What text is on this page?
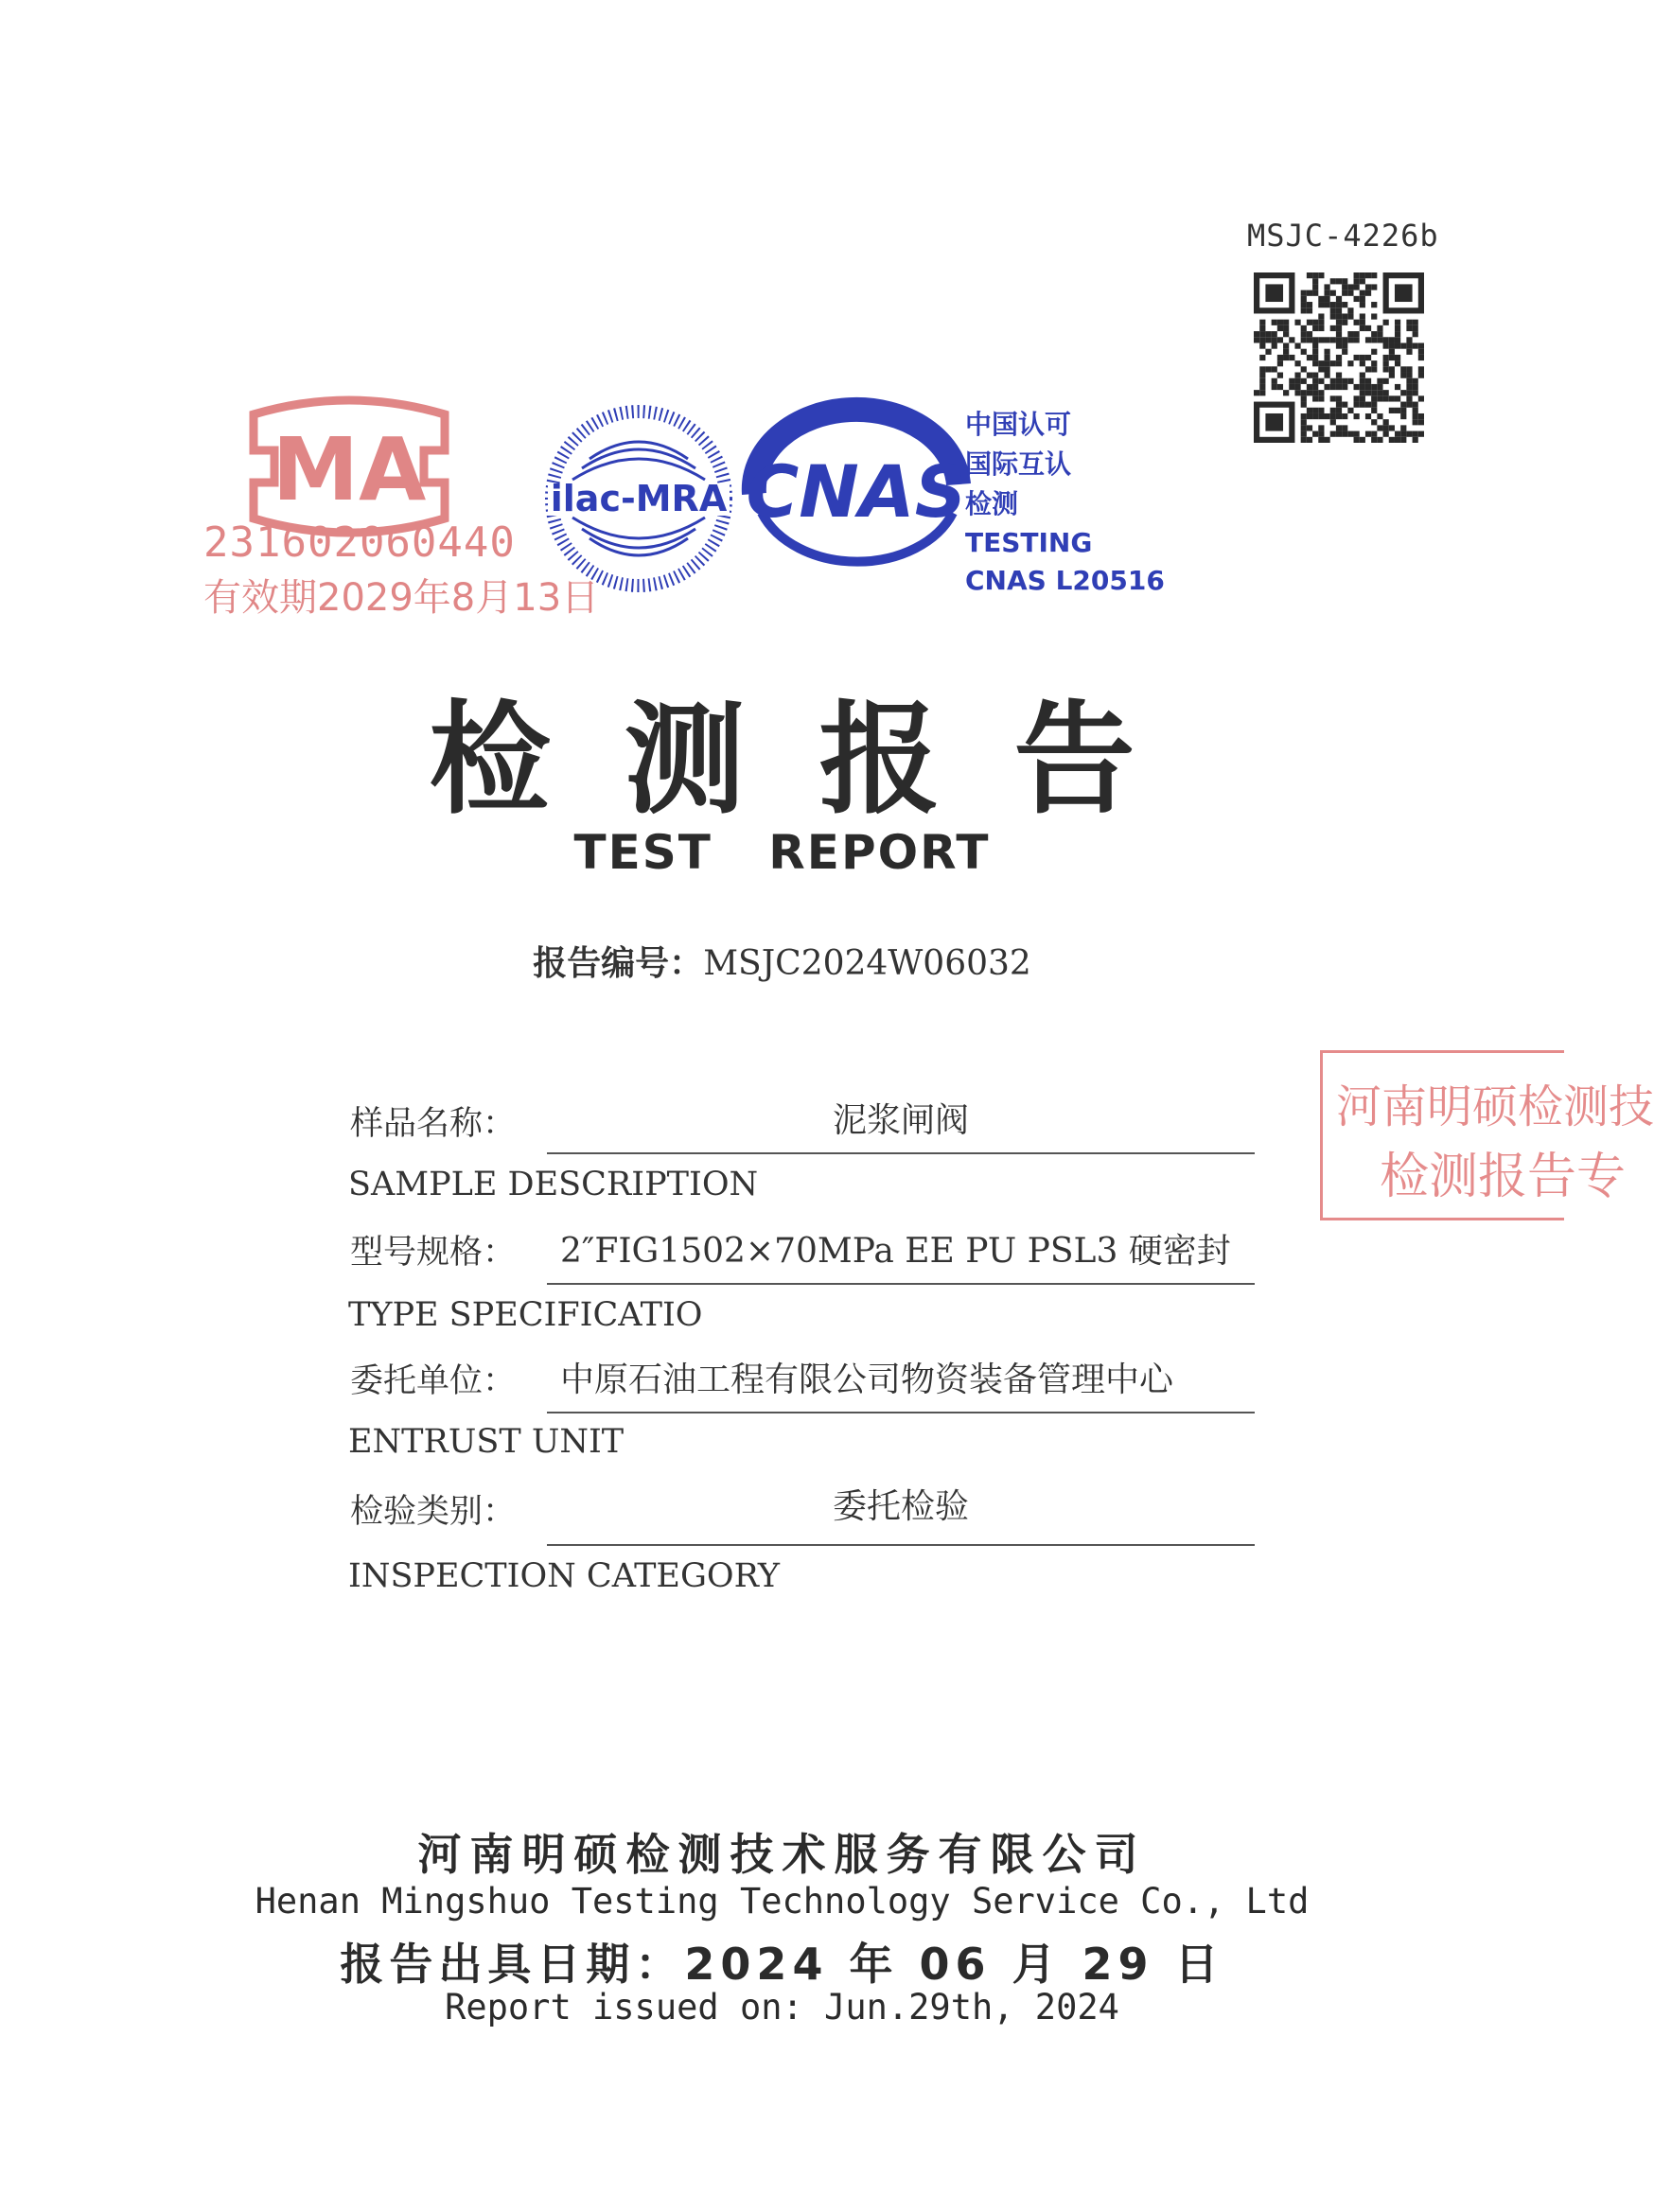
MSJC-4226b
MA
231602060440
有效期2029年8月13日
ilac-MRA CNAS
中国认可
国际互认
检测
TESTING
CNAS L20516
检测报告
TEST REPORT
报告编号：MSJC2024W06032
河南明硕检测技
检测报告专
样品名称：	泥浆闸阀
SAMPLE DESCRIPTION
型号规格：	2″FIG1502×70MPa EE PU PSL3 硬密封
TYPE SPECIFICATIO
委托单位：	中原石油工程有限公司物资装备管理中心
ENTRUST UNIT
检验类别：	委托检验
INSPECTION CATEGORY
河南明硕检测技术服务有限公司
Henan Mingshuo Testing Technology Service Co., Ltd
报告出具日期：2024 年 06 月 29 日
Report issued on: Jun.29th, 2024
